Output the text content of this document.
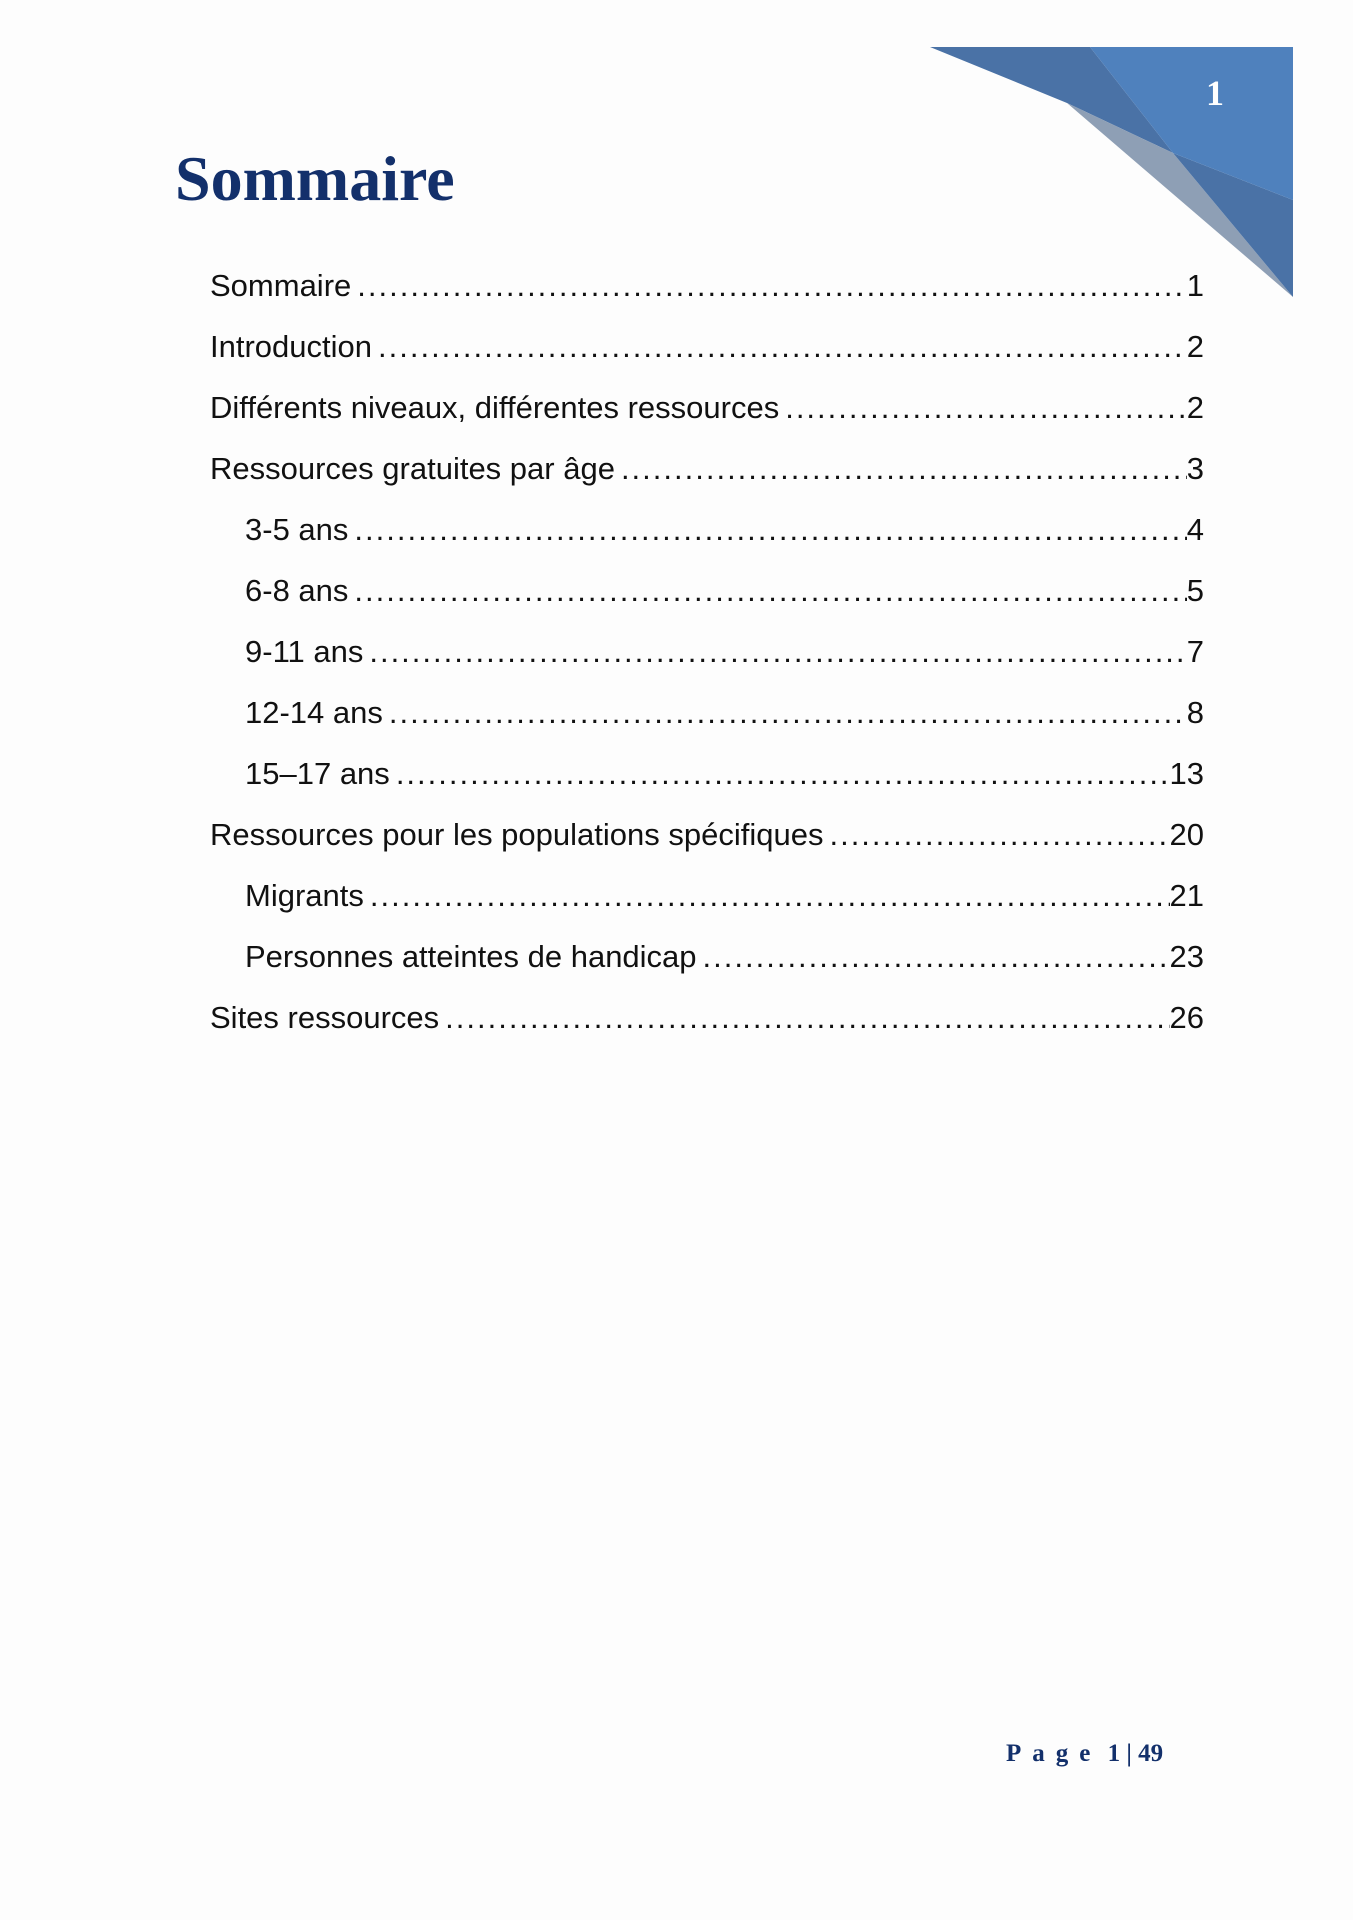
1
Sommaire
Sommaire .....	1
Introduction .....	2
Différents niveaux, différentes ressources .....	2
Ressources gratuites par âge .....	3
3-5 ans .....	4
6-8 ans .....	5
9-11 ans .....	7
12-14 ans .....	8
15–17 ans .....	13
Ressources pour les populations spécifiques .....	20
Migrants .....	21
Personnes atteintes de handicap .....	23
Sites ressources .....	26
Page 1 | 49
